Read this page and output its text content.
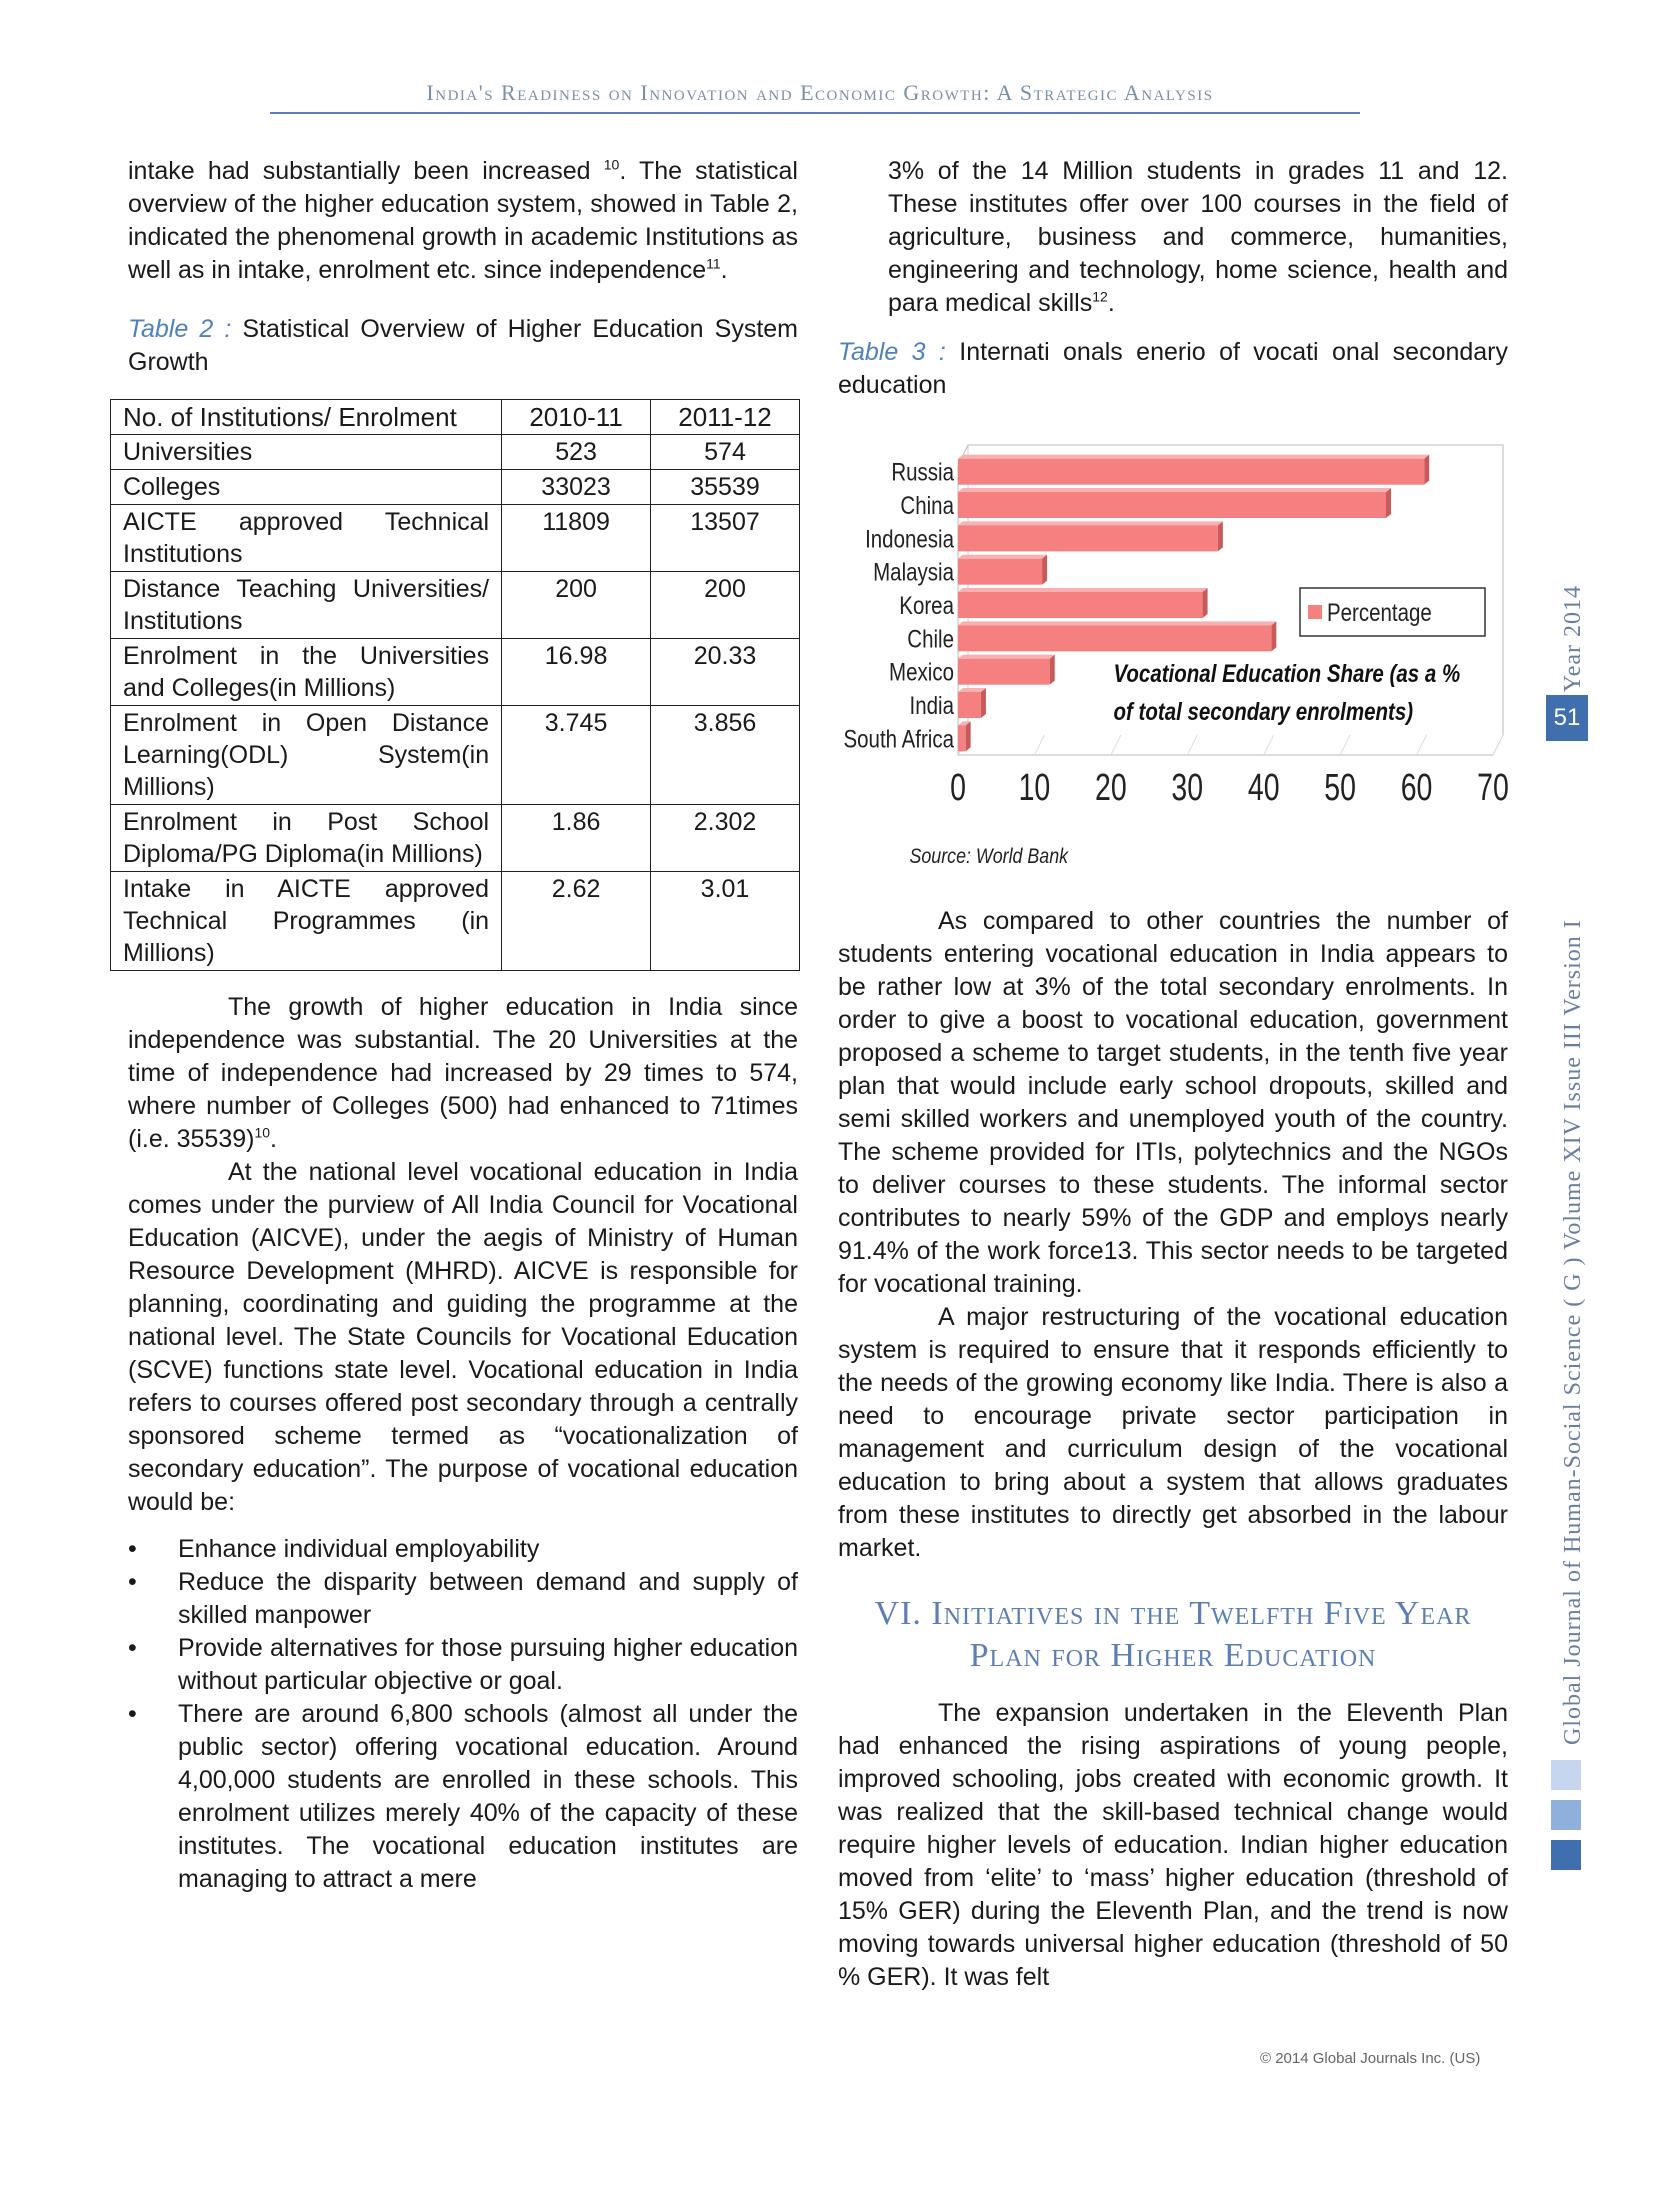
India's Readiness on Innovation and Economic Growth: A Strategic Analysis

intake had substantially been increased $^{10}$. The statistical overview of the higher education system, showed in Table 2, indicated the phenomenal growth in academic Institutions as well as in intake, enrolment etc. since independence$^{11}$.

Table 2 : Statistical Overview of Higher Education System Growth

No. of Institutions/ Enrolment	2010-11	2011-12
Universities	523	574
Colleges	33023	35539
AICTE approved Technical Institutions	11809	13507
Distance Teaching Universities/ Institutions	200	200
Enrolment in the Universities and Colleges(in Millions)	16.98	20.33
Enrolment in Open Distance Learning(ODL) System(in Millions)	3.745	3.856
Enrolment in Post School Diploma/PG Diploma(in Millions)	1.86	2.302
Intake in AICTE approved Technical Programmes (in Millions)	2.62	3.01

The growth of higher education in India since independence was substantial. The 20 Universities at the time of independence had increased by 29 times to 574, where number of Colleges (500) had enhanced to 71times (i.e. 35539)$^{10}$.

At the national level vocational education in India comes under the purview of All India Council for Vocational Education (AICVE), under the aegis of Ministry of Human Resource Development (MHRD). AICVE is responsible for planning, coordinating and guiding the programme at the national level. The State Councils for Vocational Education (SCVE) functions state level. Vocational education in India refers to courses offered post secondary through a centrally sponsored scheme termed as “vocationalization of secondary education”. The purpose of vocational education would be:

• Enhance individual employability
• Reduce the disparity between demand and supply of skilled manpower
• Provide alternatives for those pursuing higher education without particular objective or goal.
• There are around 6,800 schools (almost all under the public sector) offering vocational education. Around 4,00,000 students are enrolled in these schools. This enrolment utilizes merely 40% of the capacity of these institutes. The vocational education institutes are managing to attract a mere

3% of the 14 Million students in grades 11 and 12. These institutes offer over 100 courses in the field of agriculture, business and commerce, humanities, engineering and technology, home science, health and para medical skills$^{12}$.

Table 3 : Internati onals enerio of vocati onal secondary education

Russia
China
Indonesia
Malaysia
Korea
Chile
Mexico
India
South Africa
0 10 20 30 40 50 60 70
Percentage
Vocational Education Share (as a %
of total secondary enrolments)
Source: World Bank

As compared to other countries the number of students entering vocational education in India appears to be rather low at 3% of the total secondary enrolments. In order to give a boost to vocational education, government proposed a scheme to target students, in the tenth five year plan that would include early school dropouts, skilled and semi skilled workers and unemployed youth of the country. The scheme provided for ITIs, polytechnics and the NGOs to deliver courses to these students. The informal sector contributes to nearly 59% of the GDP and employs nearly 91.4% of the work force13. This sector needs to be targeted for vocational training.

A major restructuring of the vocational education system is required to ensure that it responds efficiently to the needs of the growing economy like India. There is also a need to encourage private sector participation in management and curriculum design of the vocational education to bring about a system that allows graduates from these institutes to directly get absorbed in the labour market.

VI. Initiatives in the Twelfth Five Year
Plan for Higher Education

The expansion undertaken in the Eleventh Plan had enhanced the rising aspirations of young people, improved schooling, jobs created with economic growth. It was realized that the skill-based technical change would require higher levels of education. Indian higher education moved from ‘elite’ to ‘mass’ higher education (threshold of 15% GER) during the Eleventh Plan, and the trend is now moving towards universal higher education (threshold of 50 % GER). It was felt

Global Journal of Human-Social Science ( G ) Volume XIV Issue III Version I
Year 2014
51
© 2014 Global Journals Inc. (US)
